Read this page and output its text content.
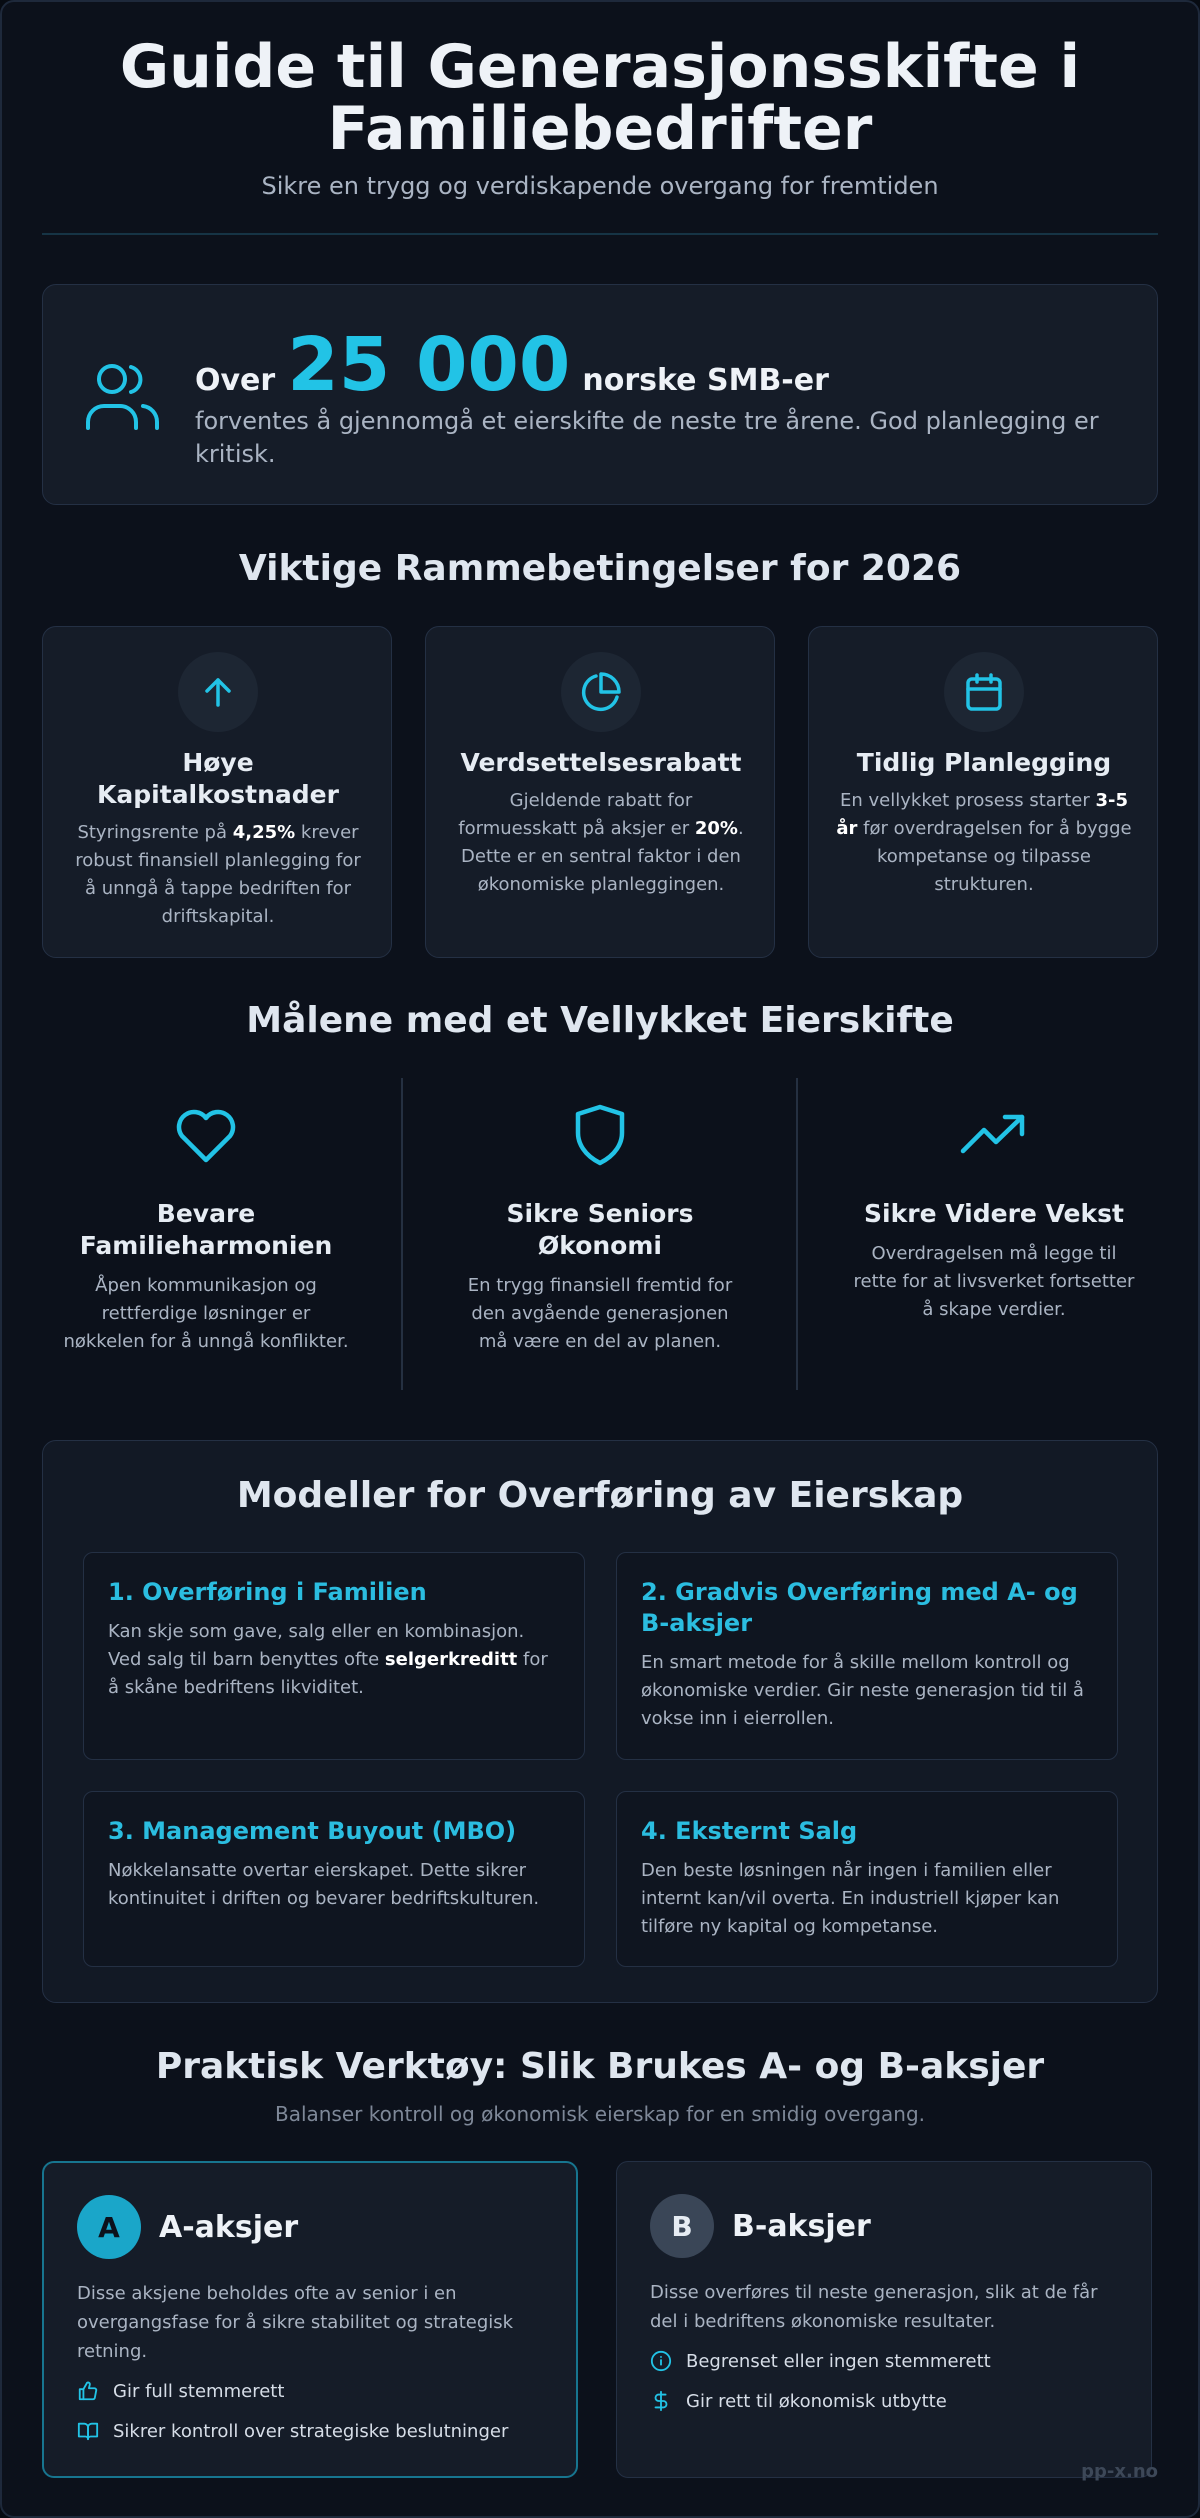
Guide til Generasjonsskifte i
Familiebedrifter
Sikre en trygg og verdiskapende overgang for fremtiden
Over 25 000 norske SMB-er
forventes å gjennomgå et eierskifte de neste tre årene. God planlegging er kritisk.
Viktige Rammebetingelser for 2026
Høye
Kapitalkostnader
Styringsrente på 4,25% krever robust finansiell planlegging for å unngå å tappe bedriften for driftskapital.
Verdsettelsesrabatt
Gjeldende rabatt for formuesskatt på aksjer er 20%. Dette er en sentral faktor i den økonomiske planleggingen.
Tidlig Planlegging
En vellykket prosess starter 3-5 år før overdragelsen for å bygge kompetanse og tilpasse strukturen.
Målene med et Vellykket Eierskifte
Bevare
Familieharmonien
Åpen kommunikasjon og rettferdige løsninger er nøkkelen for å unngå konflikter.
Sikre Seniors
Økonomi
En trygg finansiell fremtid for den avgående generasjonen må være en del av planen.
Sikre Videre Vekst
Overdragelsen må legge til rette for at livsverket fortsetter å skape verdier.
Modeller for Overføring av Eierskap
1. Overføring i Familien
Kan skje som gave, salg eller en kombinasjon. Ved salg til barn benyttes ofte selgerkreditt for å skåne bedriftens likviditet.
2. Gradvis Overføring med A- og B-aksjer
En smart metode for å skille mellom kontroll og økonomiske verdier. Gir neste generasjon tid til å vokse inn i eierrollen.
3. Management Buyout (MBO)
Nøkkelansatte overtar eierskapet. Dette sikrer kontinuitet i driften og bevarer bedriftskulturen.
4. Eksternt Salg
Den beste løsningen når ingen i familien eller internt kan/vil overta. En industriell kjøper kan tilføre ny kapital og kompetanse.
Praktisk Verktøy: Slik Brukes A- og B-aksjer
Balanser kontroll og økonomisk eierskap for en smidig overgang.
A	A-aksjer
Disse aksjene beholdes ofte av senior i en overgangsfase for å sikre stabilitet og strategisk retning.
Gir full stemmerett
Sikrer kontroll over strategiske beslutninger
B	B-aksjer
Disse overføres til neste generasjon, slik at de får del i bedriftens økonomiske resultater.
Begrenset eller ingen stemmerett
Gir rett til økonomisk utbytte
pp-x.no
